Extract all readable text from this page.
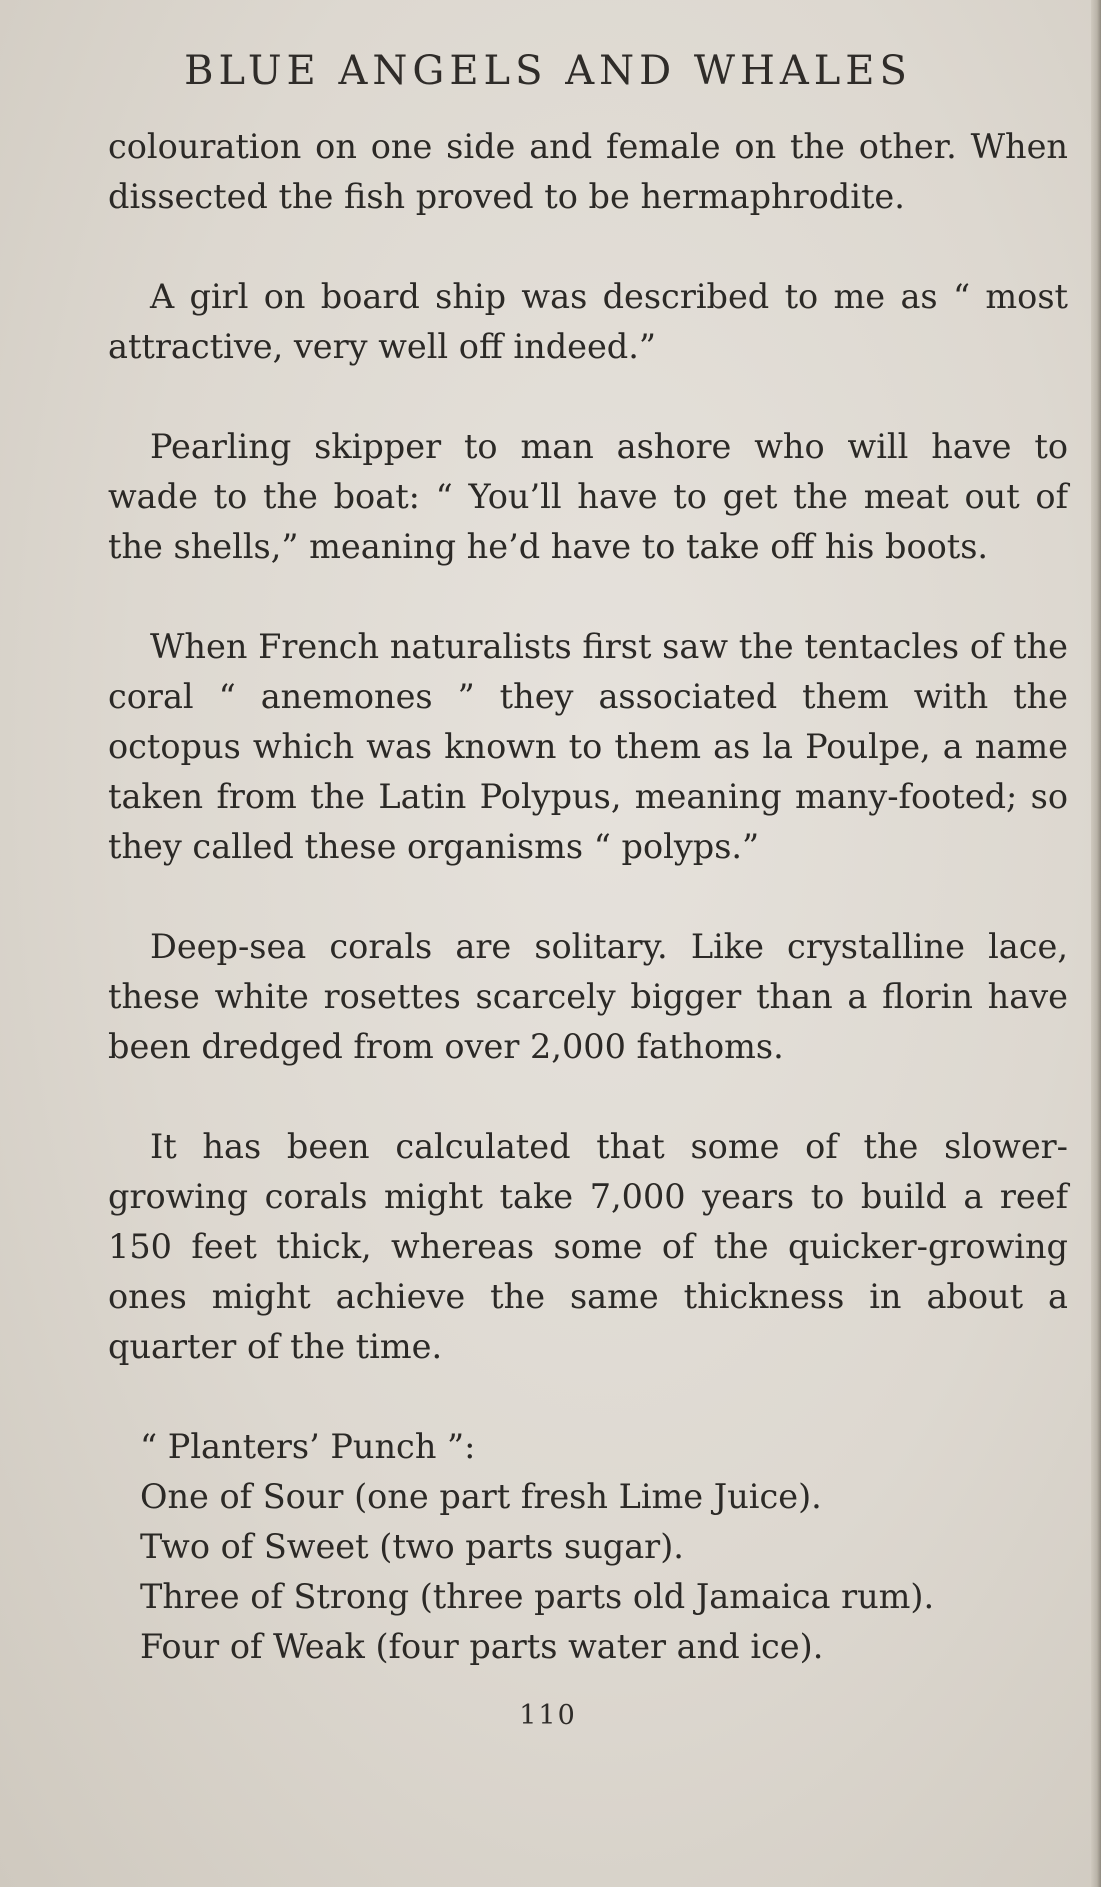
BLUE ANGELS AND WHALES

colouration on one side and female on the other. When dissected the fish proved to be hermaphrodite.

A girl on board ship was described to me as “ most attractive, very well off indeed.”

Pearling skipper to man ashore who will have to wade to the boat: “ You’ll have to get the meat out of the shells,” meaning he’d have to take off his boots.

When French naturalists first saw the tentacles of the coral “ anemones ” they associated them with the octopus which was known to them as la Poulpe, a name taken from the Latin Polypus, meaning many-footed; so they called these organisms “ polyps.”

Deep-sea corals are solitary. Like crystalline lace, these white rosettes scarcely bigger than a florin have been dredged from over 2,000 fathoms.

It has been calculated that some of the slower-growing corals might take 7,000 years to build a reef 150 feet thick, whereas some of the quicker-growing ones might achieve the same thickness in about a quarter of the time.

“ Planters’ Punch ”:
One of Sour (one part fresh Lime Juice).
Two of Sweet (two parts sugar).
Three of Strong (three parts old Jamaica rum).
Four of Weak (four parts water and ice).
110
